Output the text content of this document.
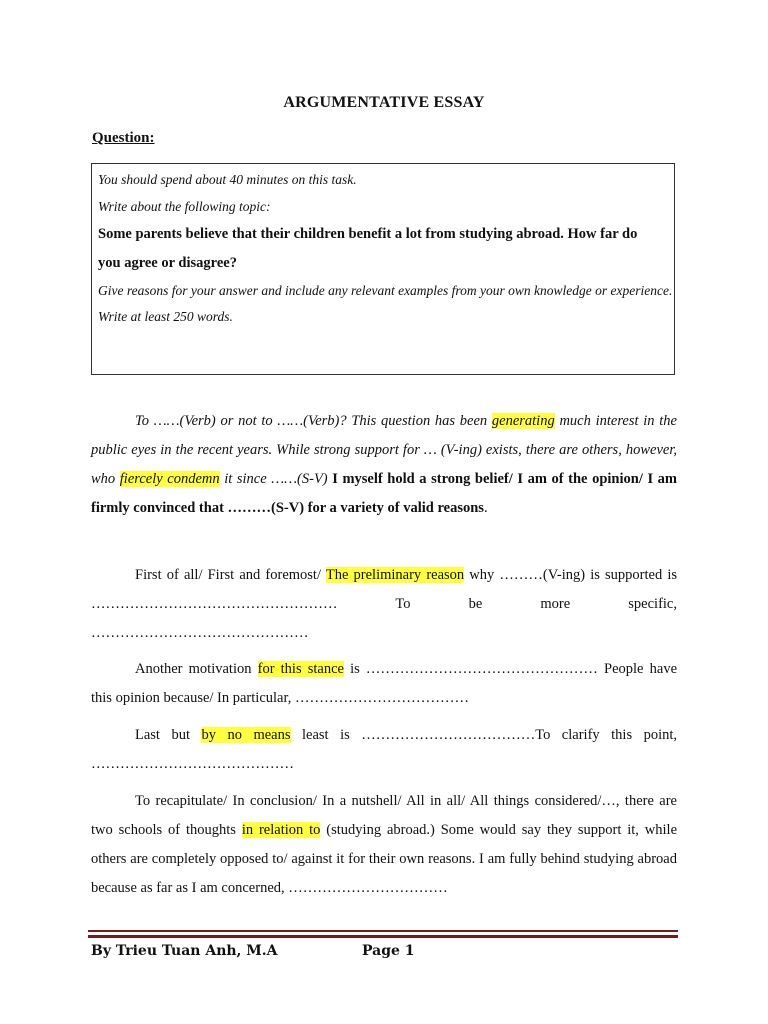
ARGUMENTATIVE ESSAY
Question:
You should spend about 40 minutes on this task.
Write about the following topic:
Some parents believe that their children benefit a lot from studying abroad. How far do you agree or disagree?
Give reasons for your answer and include any relevant examples from your own knowledge or experience.
Write at least 250 words.
To ……(Verb) or not to ……(Verb)? This question has been generating much interest in the public eyes in the recent years. While strong support for … (V-ing) exists, there are others, however, who fiercely condemn it since ……(S-V) I myself hold a strong belief/ I am of the opinion/ I am firmly convinced that ………(S-V) for a variety of valid reasons.
First of all/ First and foremost/ The preliminary reason why ………(V-ing) is supported is …………………………………………… To be more specific, ………………………………………
Another motivation for this stance is ………………………………………… People have this opinion because/ In particular, ………………………………
Last but by no means least is ………………………………To clarify this point, ……………………………………
To recapitulate/ In conclusion/ In a nutshell/ All in all/ All things considered/…, there are two schools of thoughts in relation to (studying abroad.) Some would say they support it, while others are completely opposed to/ against it for their own reasons. I am fully behind studying abroad because as far as I am concerned, ……………………………
By Trieu Tuan Anh, M.A	Page 1
